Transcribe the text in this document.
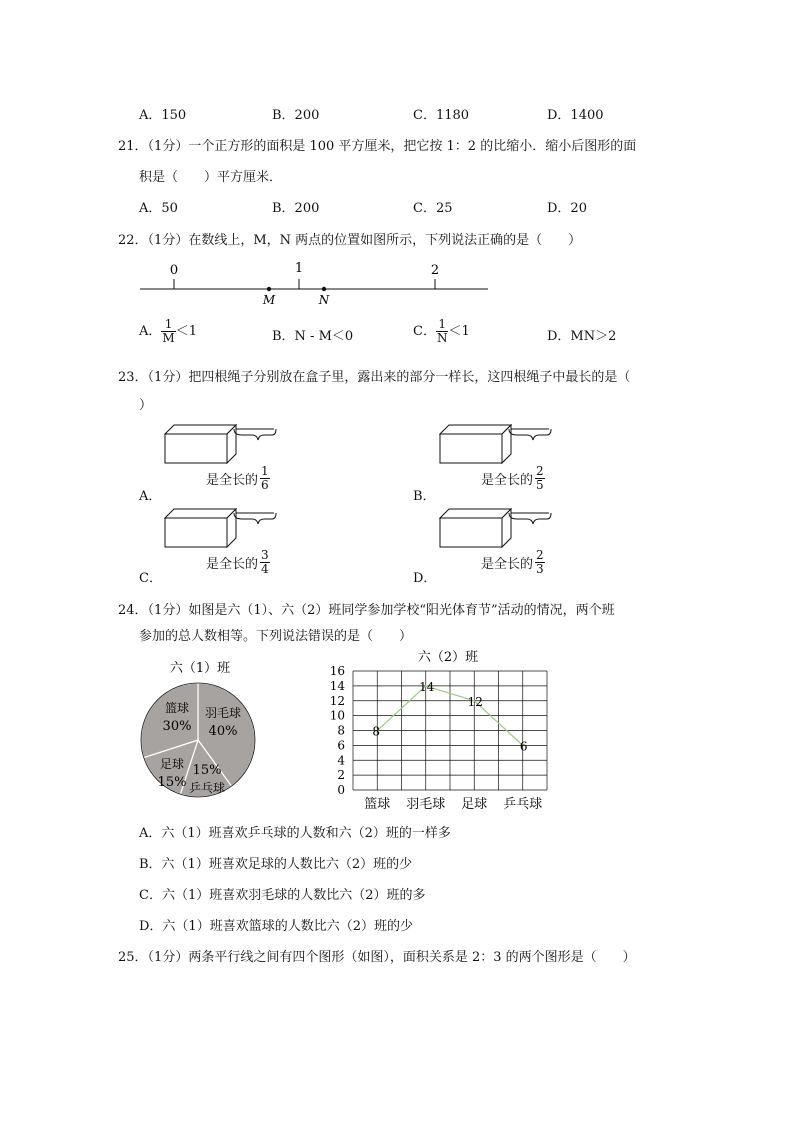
A．150	B．200	C．1180	D．1400
21．（1分）一个正方形的面积是 100 平方厘米，把它按 1：2 的比缩小．缩小后图形的面
积是（　　）平方厘米．
A．50	B．200	C．25	D．20
22．（1分）在数线上，M，N 两点的位置如图所示，下列说法正确的是（　　）
0	1	2
M	N
A． $\frac{1}{M} <1$	B．N - M＜0	C． $\frac{1}{N} <1$	D．MN＞2
23．（1分）把四根绳子分别放在盒子里，露出来的部分一样长，这四根绳子中最长的是（
）
A．
是全长的 $\frac{1}{6}$
B．
是全长的 $\frac{2}{5}$
C．
是全长的 $\frac{3}{4}$
D．
是全长的 $\frac{2}{3}$
24．（1分）如图是六（1）、六（2）班同学参加学校“阳光体育节”活动的情况，两个班
参加的总人数相等。下列说法错误的是（　　）
六（1）班
羽毛球
40%
15%
乒乓球
足球
15%
篮球
30%
六（2）班
0
2
4
6
8
10
12
14
16
篮球 羽毛球 足球 乒乓球
8
14
12
6
A．六（1）班喜欢乒乓球的人数和六（2）班的一样多
B．六（1）班喜欢足球的人数比六（2）班的少
C．六（1）班喜欢羽毛球的人数比六（2）班的多
D．六（1）班喜欢篮球的人数比六（2）班的少
25．（1分）两条平行线之间有四个图形（如图），面积关系是 2：3 的两个图形是（　　）
